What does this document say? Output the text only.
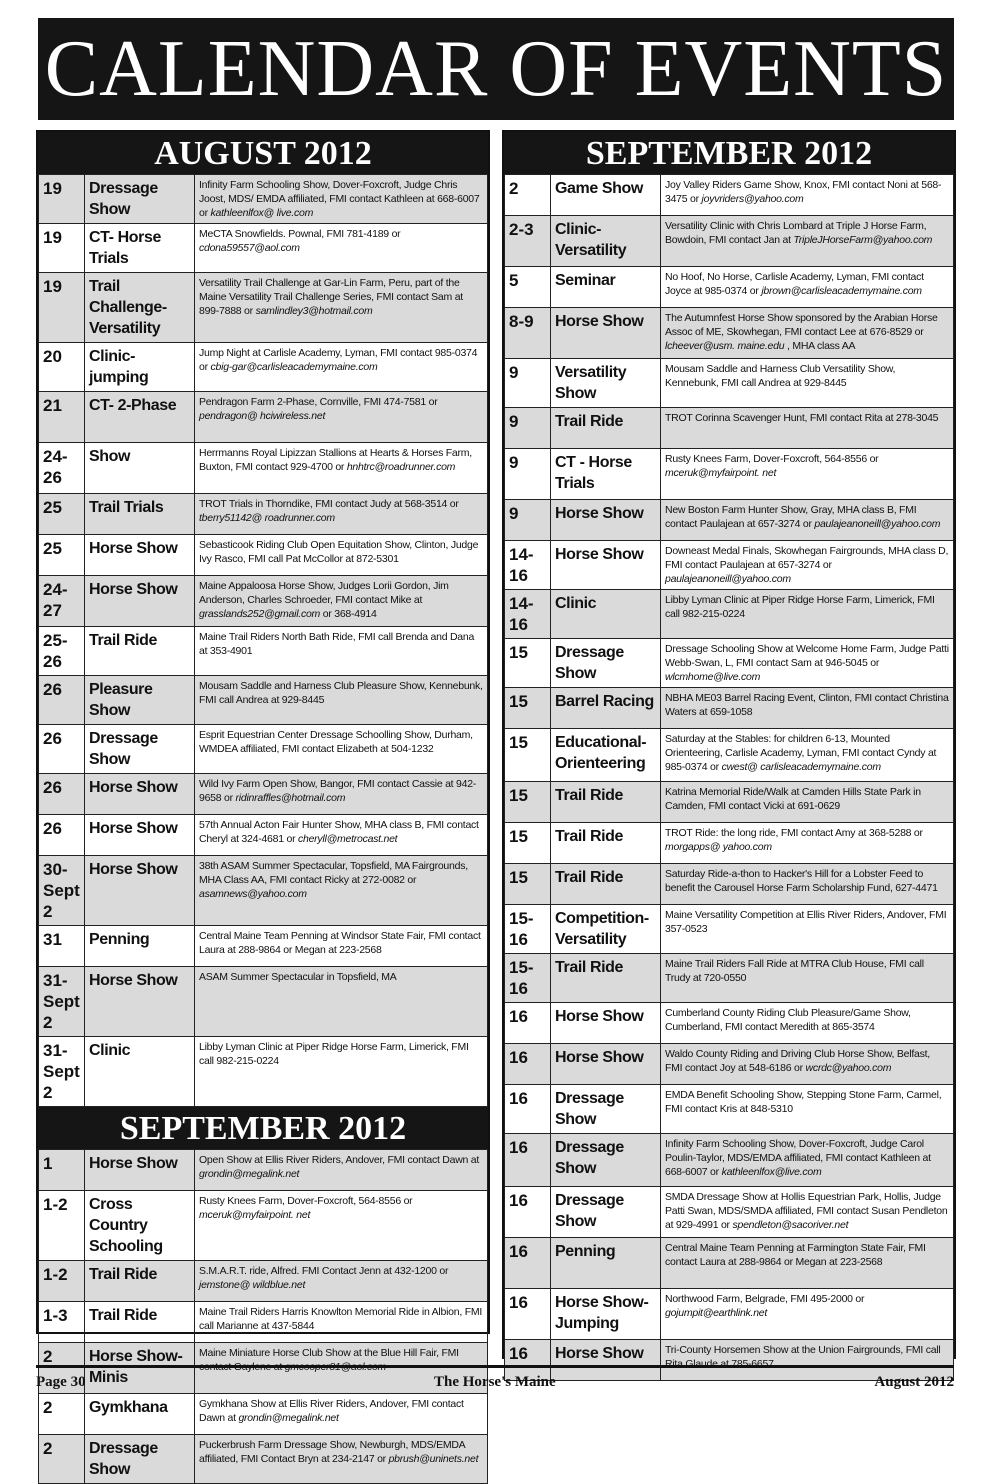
CALENDAR OF EVENTS
AUGUST 2012
19	Dressage Show	Infinity Farm Schooling Show, Dover-Foxcroft, Judge Chris Joost, MDS/ EMDA affiliated, FMI contact Kathleen at 668-6007 or kathleenlfox@ live.com
19	CT- Horse Trials	MeCTA Snowfields. Pownal, FMI 781-4189 or cdona59557@aol.com
19	Trail Challenge- Versatility	Versatility Trail Challenge at Gar-Lin Farm, Peru, part of the Maine Versatility Trail Challenge Series, FMI contact Sam at 899-7888 or samlindley3@hotmail.com
20	Clinic- jumping	Jump Night at Carlisle Academy, Lyman, FMI contact 985-0374 or cbig-gar@carlisleacademymaine.com
21	CT- 2-Phase	Pendragon Farm 2-Phase, Cornville, FMI 474-7581 or pendragon@ hciwireless.net
24-26	Show	Herrmanns Royal Lipizzan Stallions at Hearts & Horses Farm, Buxton, FMI contact 929-4700 or hnhtrc@roadrunner.com
25	Trail Trials	TROT Trials in Thorndike, FMI contact Judy at 568-3514 or tberry51142@ roadrunner.com
25	Horse Show	Sebasticook Riding Club Open Equitation Show, Clinton, Judge Ivy Rasco, FMI call Pat McCollor at 872-5301
24-27	Horse Show	Maine Appaloosa Horse Show, Judges Lorii Gordon, Jim Anderson, Charles Schroeder, FMI contact Mike at grasslands252@gmail.com or 368-4914
25-26	Trail Ride	Maine Trail Riders North Bath Ride, FMI call Brenda and Dana at 353-4901
26	Pleasure Show	Mousam Saddle and Harness Club Pleasure Show, Kennebunk, FMI call Andrea at 929-8445
26	Dressage Show	Esprit Equestrian Center Dressage Schoolling Show, Durham, WMDEA affiliated, FMI contact Elizabeth at 504-1232
26	Horse Show	Wild Ivy Farm Open Show, Bangor, FMI contact Cassie at 942-9658 or ridinraffles@hotmail.com
26	Horse Show	57th Annual Acton Fair Hunter Show, MHA class B, FMI contact Cheryl at 324-4681 or cheryll@metrocast.net
30-Sept 2	Horse Show	38th ASAM Summer Spectacular, Topsfield, MA Fairgrounds, MHA Class AA, FMI contact Ricky at 272-0082 or asamnews@yahoo.com
31	Penning	Central Maine Team Penning at Windsor State Fair, FMI contact Laura at 288-9864 or Megan at 223-2568
31-Sept 2	Horse Show	ASAM Summer Spectacular in Topsfield, MA
31-Sept 2	Clinic	Libby Lyman Clinic at Piper Ridge Horse Farm, Limerick, FMI call 982-215-0224
SEPTEMBER 2012
1	Horse Show	Open Show at Ellis River Riders, Andover, FMI contact Dawn at grondin@megalink.net
1-2	Cross Country Schooling	Rusty Knees Farm, Dover-Foxcroft, 564-8556 or mceruk@myfairpoint. net
1-2	Trail Ride	S.M.A.R.T. ride, Alfred. FMI Contact Jenn at 432-1200 or jemstone@ wildblue.net
1-3	Trail Ride	Maine Trail Riders Harris Knowlton Memorial Ride in Albion, FMI call Marianne at 437-5844
2	Horse Show- Minis	Maine Miniature Horse Club Show at the Blue Hill Fair, FMI contact Gaylene at gmcooper81@aol.com
2	Gymkhana	Gymkhana Show at Ellis River Riders, Andover, FMI contact Dawn at grondin@megalink.net
2	Dressage Show	Puckerbrush Farm Dressage Show, Newburgh, MDS/EMDA affiliated, FMI Contact Bryn at 234-2147 or pbrush@uninets.net
SEPTEMBER 2012
2	Game Show	Joy Valley Riders Game Show, Knox, FMI contact Noni at 568-3475 or joyvriders@yahoo.com
2-3	Clinic- Versatility	Versatility Clinic with Chris Lombard at Triple J Horse Farm, Bowdoin, FMI contact Jan at TripleJHorseFarm@yahoo.com
5	Seminar	No Hoof, No Horse, Carlisle Academy, Lyman, FMI contact Joyce at 985-0374 or jbrown@carlisleacademymaine.com
8-9	Horse Show	The Autumnfest Horse Show sponsored by the Arabian Horse Assoc of ME, Skowhegan, FMI contact Lee at 676-8529 or lcheever@usm. maine.edu , MHA class AA
9	Versatility Show	Mousam Saddle and Harness Club Versatility Show, Kennebunk, FMI call Andrea at 929-8445
9	Trail Ride	TROT Corinna Scavenger Hunt, FMI contact Rita at 278-3045
9	CT - Horse Trials	Rusty Knees Farm, Dover-Foxcroft, 564-8556 or mceruk@myfairpoint. net
9	Horse Show	New Boston Farm Hunter Show, Gray, MHA class B, FMI contact Paulajean at 657-3274 or paulajeanoneill@yahoo.com
14-16	Horse Show	Downeast Medal Finals, Skowhegan Fairgrounds, MHA class D, FMI contact Paulajean at 657-3274 or paulajeanoneill@yahoo.com
14-16	Clinic	Libby Lyman Clinic at Piper Ridge Horse Farm, Limerick, FMI call 982-215-0224
15	Dressage Show	Dressage Schooling Show at Welcome Home Farm, Judge Patti Webb-Swan, L, FMI contact Sam at 946-5045 or wlcmhome@live.com
15	Barrel Racing	NBHA ME03 Barrel Racing Event, Clinton, FMI contact Christina Waters at 659-1058
15	Educational- Orienteering	Saturday at the Stables: for children 6-13, Mounted Orienteering, Carlisle Academy, Lyman, FMI contact Cyndy at 985-0374 or cwest@ carlisleacademymaine.com
15	Trail Ride	Katrina Memorial Ride/Walk at Camden Hills State Park in Camden, FMI contact Vicki at 691-0629
15	Trail Ride	TROT Ride: the long ride, FMI contact Amy at 368-5288 or morgapps@ yahoo.com
15	Trail Ride	Saturday Ride-a-thon to Hacker's Hill for a Lobster Feed to benefit the Carousel Horse Farm Scholarship Fund, 627-4471
15-16	Competition- Versatility	Maine Versatility Competition at Ellis River Riders, Andover, FMI 357-0523
15-16	Trail Ride	Maine Trail Riders Fall Ride at MTRA Club House, FMI call Trudy at 720-0550
16	Horse Show	Cumberland County Riding Club Pleasure/Game Show, Cumberland, FMI contact Meredith at 865-3574
16	Horse Show	Waldo County Riding and Driving Club Horse Show, Belfast, FMI contact Joy at 548-6186 or wcrdc@yahoo.com
16	Dressage Show	EMDA Benefit Schooling Show, Stepping Stone Farm, Carmel, FMI contact Kris at 848-5310
16	Dressage Show	Infinity Farm Schooling Show, Dover-Foxcroft, Judge Carol Poulin-Taylor, MDS/EMDA affiliated, FMI contact Kathleen at 668-6007 or kathleenlfox@live.com
16	Dressage Show	SMDA Dressage Show at Hollis Equestrian Park, Hollis, Judge Patti Swan, MDS/SMDA affiliated, FMI contact Susan Pendleton at 929-4991 or spendleton@sacoriver.net
16	Penning	Central Maine Team Penning at Farmington State Fair, FMI contact Laura at 288-9864 or Megan at 223-2568
16	Horse Show- Jumping	Northwood Farm, Belgrade, FMI 495-2000 or gojumpit@earthlink.net
16	Horse Show	Tri-County Horsemen Show at the Union Fairgrounds, FMI call Rita Glaude at 785-6657
Page 30	The Horse's Maine	August 2012
